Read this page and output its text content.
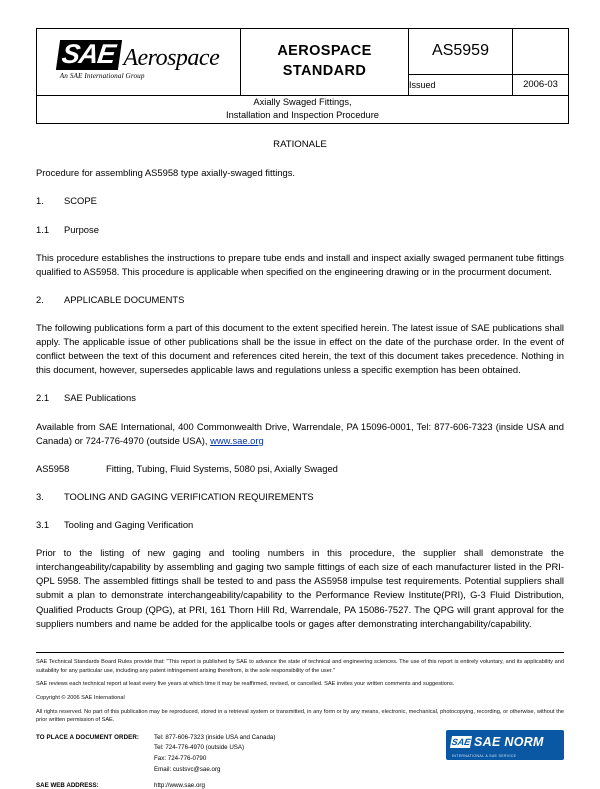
SAE Aerospace
An SAE International Group

AEROSPACE
STANDARD
	AS5959	
		Issued	2006-03

Axially Swaged Fittings,
Installation and Inspection Procedure			
RATIONALE

Procedure for assembling AS5958 type axially-swaged fittings.

1. SCOPE
1.1 Purpose

This procedure establishes the instructions to prepare tube ends and install and inspect axially swaged permanent tube fittings qualified to AS5958. This procedure is applicable when specified on the engineering drawing or in the procurment document.

2. APPLICABLE DOCUMENTS

The following publications form a part of this document to the extent specified herein. The latest issue of SAE publications shall apply. The applicable issue of other publications shall be the issue in effect on the date of the purchase order. In the event of conflict between the text of this document and references cited herein, the text of this document takes precedence. Nothing in this document, however, supersedes applicable laws and regulations unless a specific exemption has been obtained.

2.1 SAE Publications

Available from SAE International, 400 Commonwealth Drive, Warrendale, PA 15096-0001, Tel: 877-606-7323 (inside USA and Canada) or 724-776-4970 (outside USA), www.sae.org

AS5958	Fitting, Tubing, Fluid Systems, 5080 psi, Axially Swaged
3. TOOLING AND GAGING VERIFICATION REQUIREMENTS
3.1 Tooling and Gaging Verification

Prior to the listing of new gaging and tooling numbers in this procedure, the supplier shall demonstrate the interchangeability/capability by assembling and gaging two sample fittings of each size of each manufacturer listed in the PRI-QPL 5958. The assembled fittings shall be tested to and pass the AS5958 impulse test requirements. Potential suppliers shall submit a plan to demonstrate interchangeability/capability to the Performance Review Institute(PRI), G-3 Fluid Distribution, Qualified Products Group (QPG), at PRI, 161 Thorn Hill Rd, Warrendale, PA 15086-7527. The QPG will grant approval for the suppliers numbers and name be added for the applicalbe tools or gages after demonstrating interchangability/capability.

SAE Technical Standards Board Rules provide that: "This report is published by SAE to advance the state of technical and engineering sciences. The use of this report is entirely voluntary, and its applicability and suitability for any particular use, including any patent infringement arising therefrom, is the sole responsibility of the user."
SAE reviews each technical report at least every five years at which time it may be reaffirmed, revised, or cancelled. SAE invites your written comments and suggestions.
Copyright © 2006 SAE International
All rights reserved. No part of this publication may be reproduced, stored in a retrieval system or transmitted, in any form or by any means, electronic, mechanical, photocopying, recording, or otherwise, without the prior written permission of SAE.
TO PLACE A DOCUMENT ORDER:	Tel: 877-606-7323 (inside USA and Canada)
Tel: 724-776-4970 (outside USA)
Fax: 724-776-0790
Email: custsvc@sae.org
SAE WEB ADDRESS:	http://www.sae.org
SAE SAE NORM
INTERNATIONAL A SAE SERVICE
